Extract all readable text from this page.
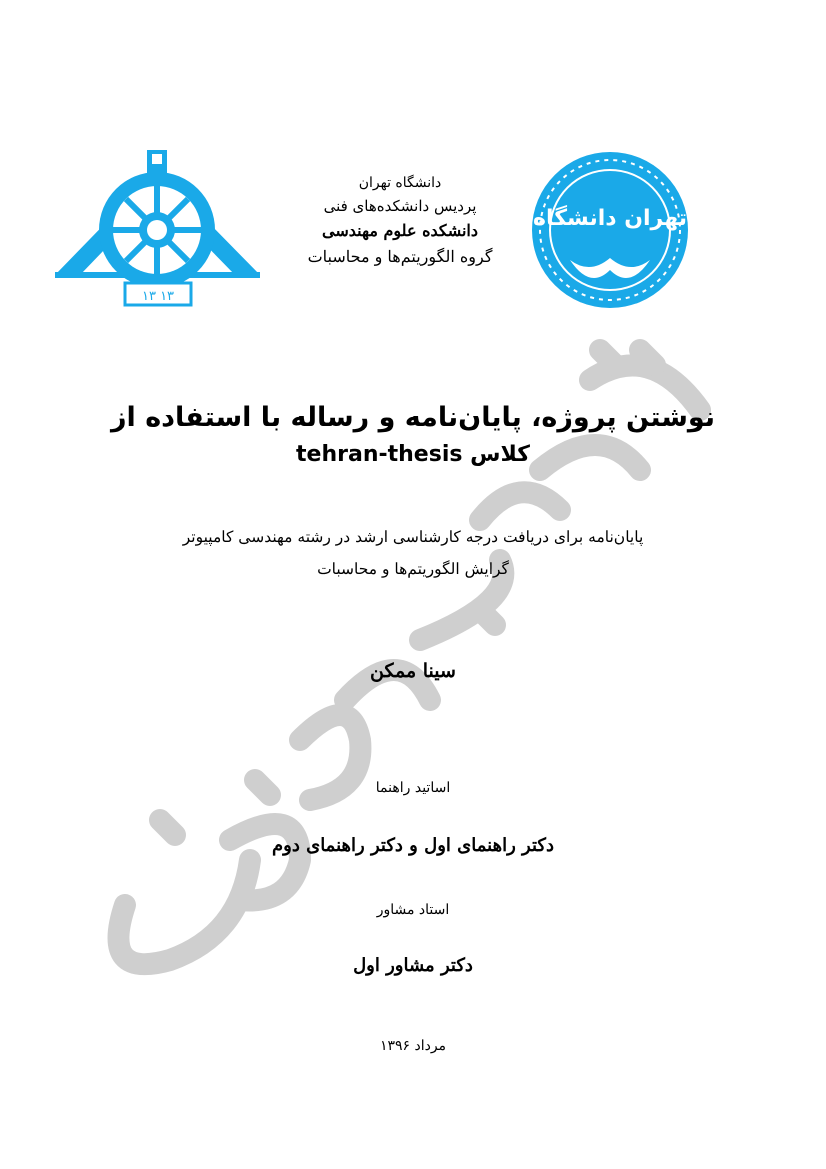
۱۳ ۱۳
تهران دانشگاه
دانشگاه تهران
پردیس دانشکده‌های فنی
دانشکده علوم مهندسی
گروه الگوریتم‌ها و محاسبات
نوشتن پروژه، پایان‌نامه و رساله با استفاده از
کلاس tehran-thesis
پایان‌نامه برای دریافت درجه کارشناسی ارشد در رشته مهندسی کامپیوتر
گرایش الگوریتم‌ها و محاسبات
سینا ممکن
اساتید راهنما
دکتر راهنمای اول و دکتر راهنمای دوم
استاد مشاور
دکتر مشاور اول
مرداد ۱۳۹۶
